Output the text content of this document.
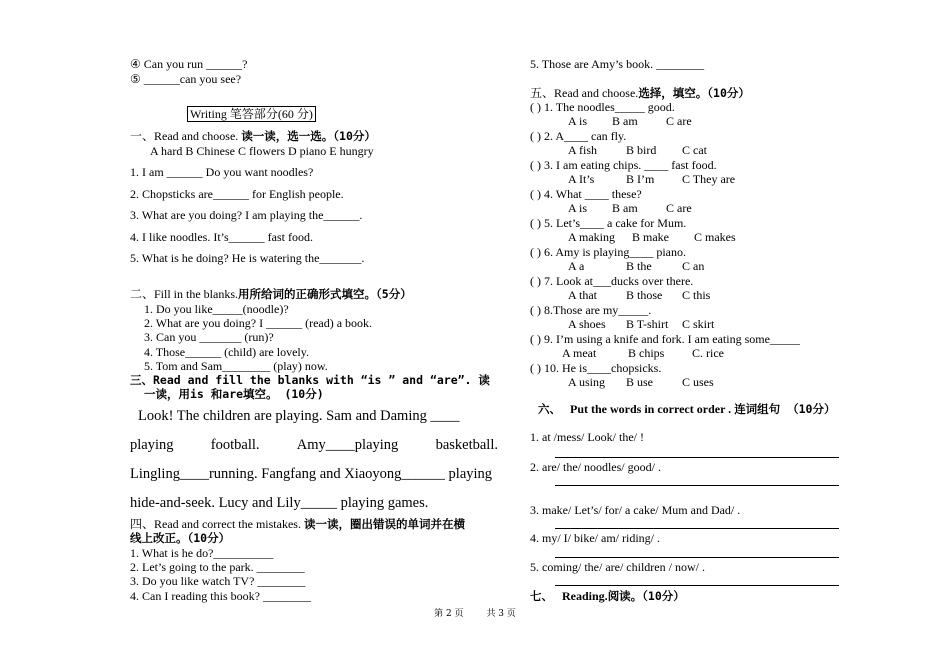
④ Can you run ______?
⑤ ______can you see?
Writing 笔答部分(60 分)
一、Read and choose. 读一读，选一选。（10分）
A hard B Chinese C flowers D piano E hungry
1. I am ______ Do you want noodles?
2. Chopsticks are______ for English people.
3. What are you doing? I am playing the______.
4. I like noodles. It’s______ fast food.
5. What is he doing? He is watering the_______.
二、Fill in the blanks.用所给词的正确形式填空。（5分）
1. Do you like_____(noodle)?
2. What are you doing? I ______ (read) a book.
3. Can you _______ (run)?
4. Those______ (child) are lovely.
5. Tom and Sam________ (play) now.
三、Read and fill the blanks with “is ” and “are”. 读
一读，用is 和are填空。 (10分)
Look! The children are playing. Sam and Daming ____
playing	football.	Amy____playing	basketball.
Lingling____running. Fangfang and Xiaoyong______ playing
hide-and-seek. Lucy and Lily_____ playing games.
四、Read and correct the mistakes. 读一读，圈出错误的单词并在横
线上改正。（10分）
1. What is he do?__________
2. Let’s going to the park. ________
3. Do you like watch TV? ________
4. Can I reading this book? ________
5. Those are Amy’s book. ________
五、Read and choose.选择，填空。（10分）
( ) 1. The noodles_____ good.
A is B am C are
( ) 2. A____ can fly.
A fish B bird C cat
( ) 3. I am eating chips. ____ fast food.
A It’s	B I’m C They are
( ) 4. What ____ these?
A is B am C are
( ) 5. Let’s____ a cake for Mum.
A making B make C makes
( ) 6. Amy is playing____ piano.
A a	B the	C an
( ) 7. Look at___ducks over there.
A that B those C this
( ) 8.Those are my_____.
A shoes B T-shirt C skirt
( ) 9. I’m using a knife and fork. I am eating some_____
A meat	B chips C. rice
( ) 10. He is____chopsicks.
A using B use C uses
六、 Put the words in correct order . 连词组句 （10分）
1. at /mess/ Look/ the/ !
2. are/ the/ noodles/ good/ .
3. make/ Let’s/ for/ a cake/ Mum and Dad/ .
4. my/ I/ bike/ am/ riding/ .
5. coming/ the/ are/ children / now/ .
七、 Reading.阅读。（10分）
第 2 页	共 3 页
